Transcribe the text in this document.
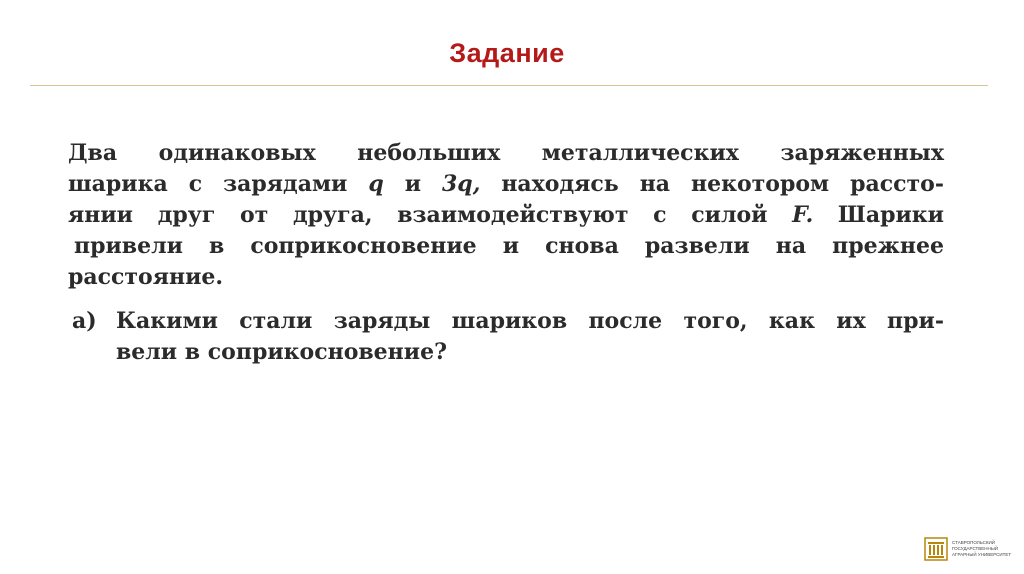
Задание
Два одинаковых небольших металлических заряженных
шарика с зарядами q и 3q, находясь на некотором рассто-
янии друг от друга, взаимодействуют с силой F. Шарики
привели в соприкосновение и снова развели на прежнее
расстояние.
а) Какими стали заряды шариков после того, как их при-
вели в соприкосновение?
СТАВРОПОЛЬСКИЙ
ГОСУДАРСТВЕННЫЙ
АГРАРНЫЙ УНИВЕРСИТЕТ
